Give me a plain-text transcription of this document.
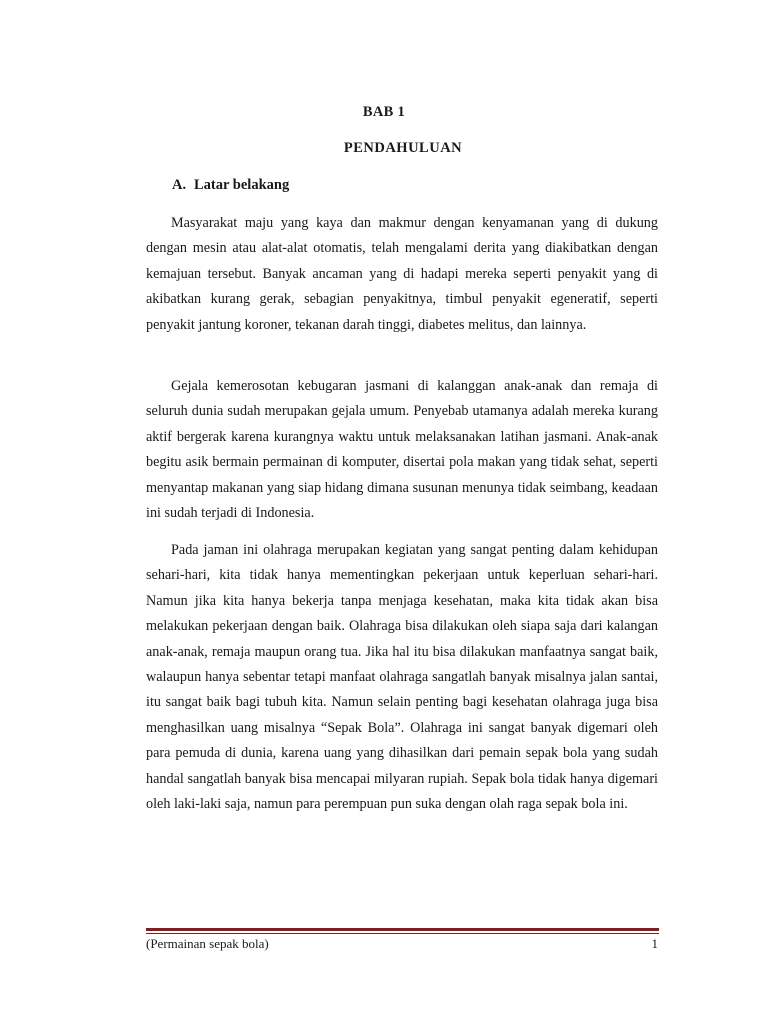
BAB 1
PENDAHULUAN
A. Latar belakang

Masyarakat maju yang kaya dan makmur dengan kenyamanan yang di dukung dengan mesin atau alat-alat otomatis, telah mengalami derita yang diakibatkan dengan kemajuan tersebut. Banyak ancaman yang di hadapi mereka seperti penyakit yang di akibatkan kurang gerak, sebagian penyakitnya, timbul penyakit egeneratif, seperti penyakit jantung koroner, tekanan darah tinggi, diabetes melitus, dan lainnya.

Gejala kemerosotan kebugaran jasmani di kalanggan anak-anak dan remaja di seluruh dunia sudah merupakan gejala umum. Penyebab utamanya adalah mereka kurang aktif bergerak karena kurangnya waktu untuk melaksanakan latihan jasmani. Anak-anak begitu asik bermain permainan di komputer, disertai pola makan yang tidak sehat, seperti menyantap makanan yang siap hidang dimana susunan menunya tidak seimbang, keadaan ini sudah terjadi di Indonesia.

Pada jaman ini olahraga merupakan kegiatan yang sangat penting dalam kehidupan sehari-hari, kita tidak hanya mementingkan pekerjaan untuk keperluan sehari-hari. Namun jika kita hanya bekerja tanpa menjaga kesehatan, maka kita tidak akan bisa melakukan pekerjaan dengan baik. Olahraga bisa dilakukan oleh siapa saja dari kalangan anak-anak, remaja maupun orang tua. Jika hal itu bisa dilakukan manfaatnya sangat baik, walaupun hanya sebentar tetapi manfaat olahraga sangatlah banyak misalnya jalan santai, itu sangat baik bagi tubuh kita. Namun selain penting bagi kesehatan olahraga juga bisa menghasilkan uang misalnya “Sepak Bola”. Olahraga ini sangat banyak digemari oleh para pemuda di dunia, karena uang yang dihasilkan dari pemain sepak bola yang sudah handal sangatlah banyak bisa mencapai milyaran rupiah. Sepak bola tidak hanya digemari oleh laki-laki saja, namun para perempuan pun suka dengan olah raga sepak bola ini.

(Permainan sepak bola)	1
